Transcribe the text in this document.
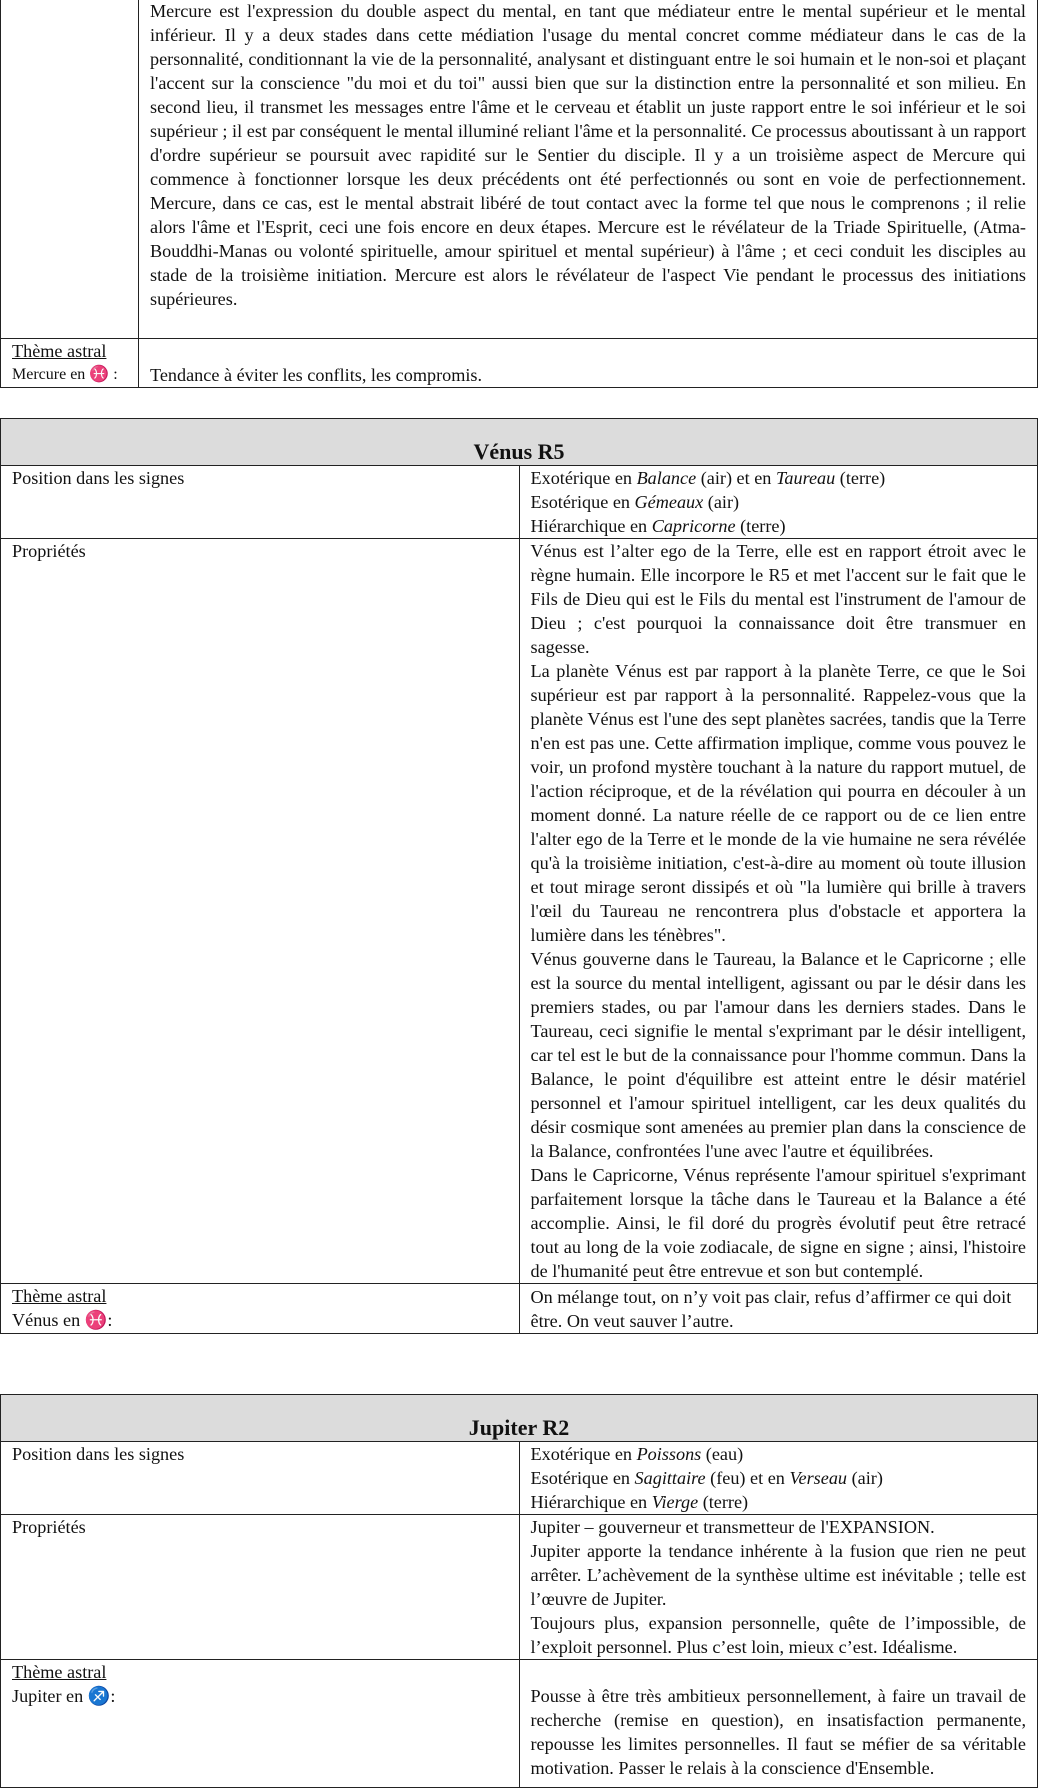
	Mercure est l'expression du double aspect du mental, en tant que médiateur entre le mental supérieur et le mental inférieur. Il y a deux stades dans cette médiation l'usage du mental concret comme médiateur dans le cas de la personnalité, conditionnant la vie de la personnalité, analysant et distinguant entre le soi humain et le non-soi et plaçant l'accent sur la conscience "du moi et du toi" aussi bien que sur la distinction entre la personnalité et son milieu. En second lieu, il transmet les messages entre l'âme et le cerveau et établit un juste rapport entre le soi inférieur et le soi supérieur ; il est par conséquent le mental illuminé reliant l'âme et la personnalité. Ce processus aboutissant à un rapport d'ordre supérieur se poursuit avec rapidité sur le Sentier du disciple. Il y a un troisième aspect de Mercure qui commence à fonctionner lorsque les deux précédents ont été perfectionnés ou sont en voie de perfectionnement. Mercure, dans ce cas, est le mental abstrait libéré de tout contact avec la forme tel que nous le comprenons ; il relie alors l'âme et l'Esprit, ceci une fois encore en deux étapes. Mercure est le révélateur de la Triade Spirituelle, (Atma-Bouddhi-Manas ou volonté spirituelle, amour spirituel et mental supérieur) à l'âme ; et ceci conduit les disciples au stade de la troisième initiation. Mercure est alors le révélateur de l'aspect Vie pendant le processus des initiations supérieures.

Thème astral
Mercure en ♓ :	Tendance à éviter les conflits, les compromis.
Vénus R5	
Position dans les signes	Exotérique en Balance (air) et en Taureau (terre)
Esotérique en Gémeaux (air)
Hiérarchique en Capricorne (terre)

Propriétés	Vénus est l’alter ego de la Terre, elle est en rapport étroit avec le règne humain. Elle incorpore le R5 et met l'accent sur le fait que le Fils de Dieu qui est le Fils du mental est l'instrument de l'amour de Dieu ; c'est pourquoi la connaissance doit être transmuer en sagesse.

La planète Vénus est par rapport à la planète Terre, ce que le Soi supérieur est par rapport à la personnalité. Rappelez-vous que la planète Vénus est l'une des sept planètes sacrées, tandis que la Terre n'en est pas une. Cette affirmation implique, comme vous pouvez le voir, un profond mystère touchant à la nature du rapport mutuel, de l'action réciproque, et de la révélation qui pourra en découler à un moment donné. La nature réelle de ce rapport ou de ce lien entre l'alter ego de la Terre et le monde de la vie humaine ne sera révélée qu'à la troisième initiation, c'est-à-dire au moment où toute illusion et tout mirage seront dissipés et où "la lumière qui brille à travers l'œil du Taureau ne rencontrera plus d'obstacle et apportera la lumière dans les ténèbres".

Vénus gouverne dans le Taureau, la Balance et le Capricorne ; elle est la source du mental intelligent, agissant ou par le désir dans les premiers stades, ou par l'amour dans les derniers stades. Dans le Taureau, ceci signifie le mental s'exprimant par le désir intelligent, car tel est le but de la connaissance pour l'homme commun. Dans la Balance, le point d'équilibre est atteint entre le désir matériel personnel et l'amour spirituel intelligent, car les deux qualités du désir cosmique sont amenées au premier plan dans la conscience de la Balance, confrontées l'une avec l'autre et équilibrées.

Dans le Capricorne, Vénus représente l'amour spirituel s'exprimant parfaitement lorsque la tâche dans le Taureau et la Balance a été accomplie. Ainsi, le fil doré du progrès évolutif peut être retracé tout au long de la voie zodiacale, de signe en signe ; ainsi, l'histoire de l'humanité peut être entrevue et son but contemplé.

Thème astral
Vénus en ♓:	On mélange tout, on n’y voit pas clair, refus d’affirmer ce qui doit être. On veut sauver l’autre.
Jupiter R2	
Position dans les signes	Exotérique en Poissons (eau)
Esotérique en Sagittaire (feu) et en Verseau (air)
Hiérarchique en Vierge (terre)

Propriétés	Jupiter – gouverneur et transmetteur de l'EXPANSION.

Jupiter apporte la tendance inhérente à la fusion que rien ne peut arrêter. L’achèvement de la synthèse ultime est inévitable ; telle est l’œuvre de Jupiter.

Toujours plus, expansion personnelle, quête de l’impossible, de l’exploit personnel. Plus c’est loin, mieux c’est. Idéalisme.

Thème astral
Jupiter en ♐:	Pousse à être très ambitieux personnellement, à faire un travail de recherche (remise en question), en insatisfaction permanente, repousse les limites personnelles. Il faut se méfier de sa véritable motivation. Passer le relais à la conscience d'Ensemble.
